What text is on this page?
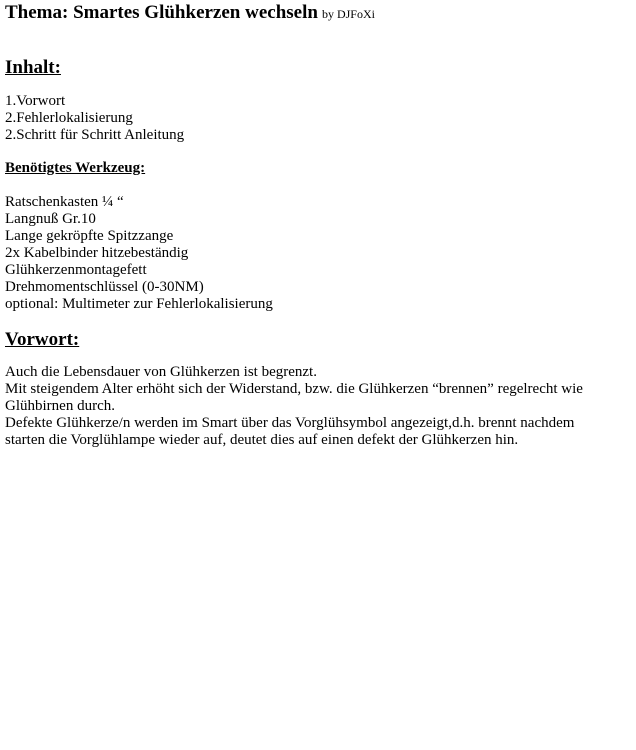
Thema: Smartes Glühkerzen wechseln by DJFoXi
Inhalt:
1.Vorwort
2.Fehlerlokalisierung
2.Schritt für Schritt Anleitung
Benötigtes Werkzeug:
Ratschenkasten ¼ “
Langnuß Gr.10
Lange gekröpfte Spitzzange
2x Kabelbinder hitzebeständig
Glühkerzenmontagefett
Drehmomentschlüssel (0-30NM)
optional: Multimeter zur Fehlerlokalisierung
Vorwort:
Auch die Lebensdauer von Glühkerzen ist begrenzt.
Mit steigendem Alter erhöht sich der Widerstand, bzw. die Glühkerzen “brennen” regelrecht wie
Glühbirnen durch.
Defekte Glühkerze/n werden im Smart über das Vorglühsymbol angezeigt,d.h. brennt nachdem
starten die Vorglühlampe wieder auf, deutet dies auf einen defekt der Glühkerzen hin.
